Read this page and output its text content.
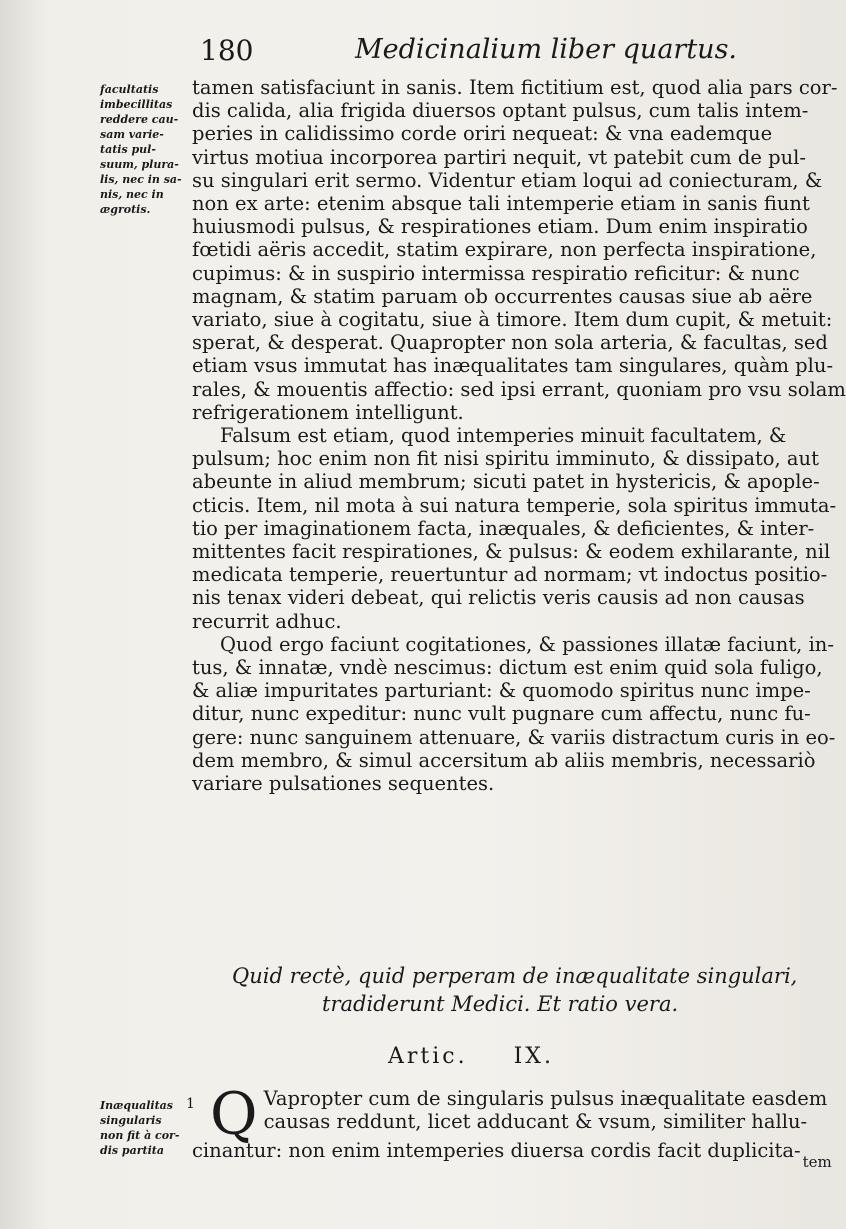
180	Medicinalium liber quartus.
facultatis
imbecillitas
reddere cau-
sam varie-
tatis pul-
suum, plura-
lis, nec in sa-
nis, nec in
ægrotis.
tamen satisfaciunt in sanis. Item fictitium est, quod alia pars cor-
dis calida, alia frigida diuersos optant pulsus, cum talis intem-
peries in calidissimo corde oriri nequeat: & vna eademque
virtus motiua incorporea partiri nequit, vt patebit cum de pul-
su singulari erit sermo. Videntur etiam loqui ad coniecturam, &
non ex arte: etenim absque tali intemperie etiam in sanis fiunt
huiusmodi pulsus, & respirationes etiam. Dum enim inspiratio
fœtidi aëris accedit, statim expirare, non perfecta inspiratione,
cupimus: & in suspirio intermissa respiratio reficitur: & nunc
magnam, & statim paruam ob occurrentes causas siue ab aëre
variato, siue à cogitatu, siue à timore. Item dum cupit, & metuit:
sperat, & desperat. Quapropter non sola arteria, & facultas, sed
etiam vsus immutat has inæqualitates tam singulares, quàm plu-
rales, & mouentis affectio: sed ipsi errant, quoniam pro vsu solam
refrigerationem intelligunt.
Falsum est etiam, quod intemperies minuit facultatem, &
pulsum; hoc enim non fit nisi spiritu imminuto, & dissipato, aut
abeunte in aliud membrum; sicuti patet in hystericis, & apople-
cticis. Item, nil mota à sui natura temperie, sola spiritus immuta-
tio per imaginationem facta, inæquales, & deficientes, & inter-
mittentes facit respirationes, & pulsus: & eodem exhilarante, nil
medicata temperie, reuertuntur ad normam; vt indoctus positio-
nis tenax videri debeat, qui relictis veris causis ad non causas
recurrit adhuc.
Quod ergo faciunt cogitationes, & passiones illatæ faciunt, in-
tus, & innatæ, vndè nescimus: dictum est enim quid sola fuligo,
& aliæ impuritates parturiant: & quomodo spiritus nunc impe-
ditur, nunc expeditur: nunc vult pugnare cum affectu, nunc fu-
gere: nunc sanguinem attenuare, & variis distractum curis in eo-
dem membro, & simul accersitum ab aliis membris, necessariò
variare pulsationes sequentes.
Quid rectè, quid perperam de inæqualitate singulari,
tradiderunt Medici. Et ratio vera.
Artic. IX.
Inæqualitas
singularis
non fit à cor-
dis partita
1 Q Vapropter cum de singularis pulsus inæqualitate easdem
causas reddunt, licet adducant & vsum, similiter hallu-
cinantur: non enim intemperies diuersa cordis facit duplicita- $_{tem}$
